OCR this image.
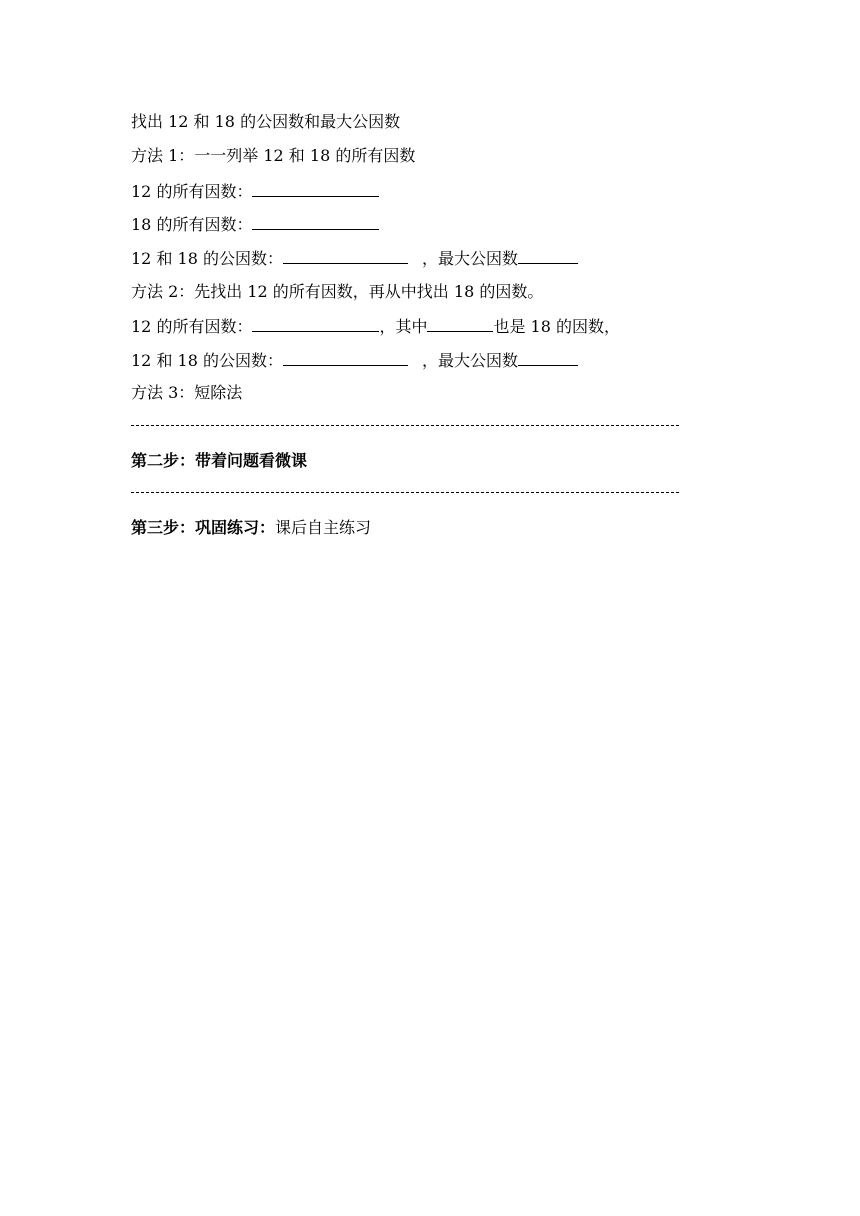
找出 12 和 18 的公因数和最大公因数
方法 1：一一列举 12 和 18 的所有因数
12 的所有因数：
18 的所有因数：
12 和 18 的公因数：	，最大公因数
方法 2：先找出 12 的所有因数，再从中找出 18 的因数。
12 的所有因数：	，其中	也是 18 的因数，
12 和 18 的公因数：	，最大公因数
方法 3：短除法
第二步：带着问题看微课
第三步：巩固练习：课后自主练习
